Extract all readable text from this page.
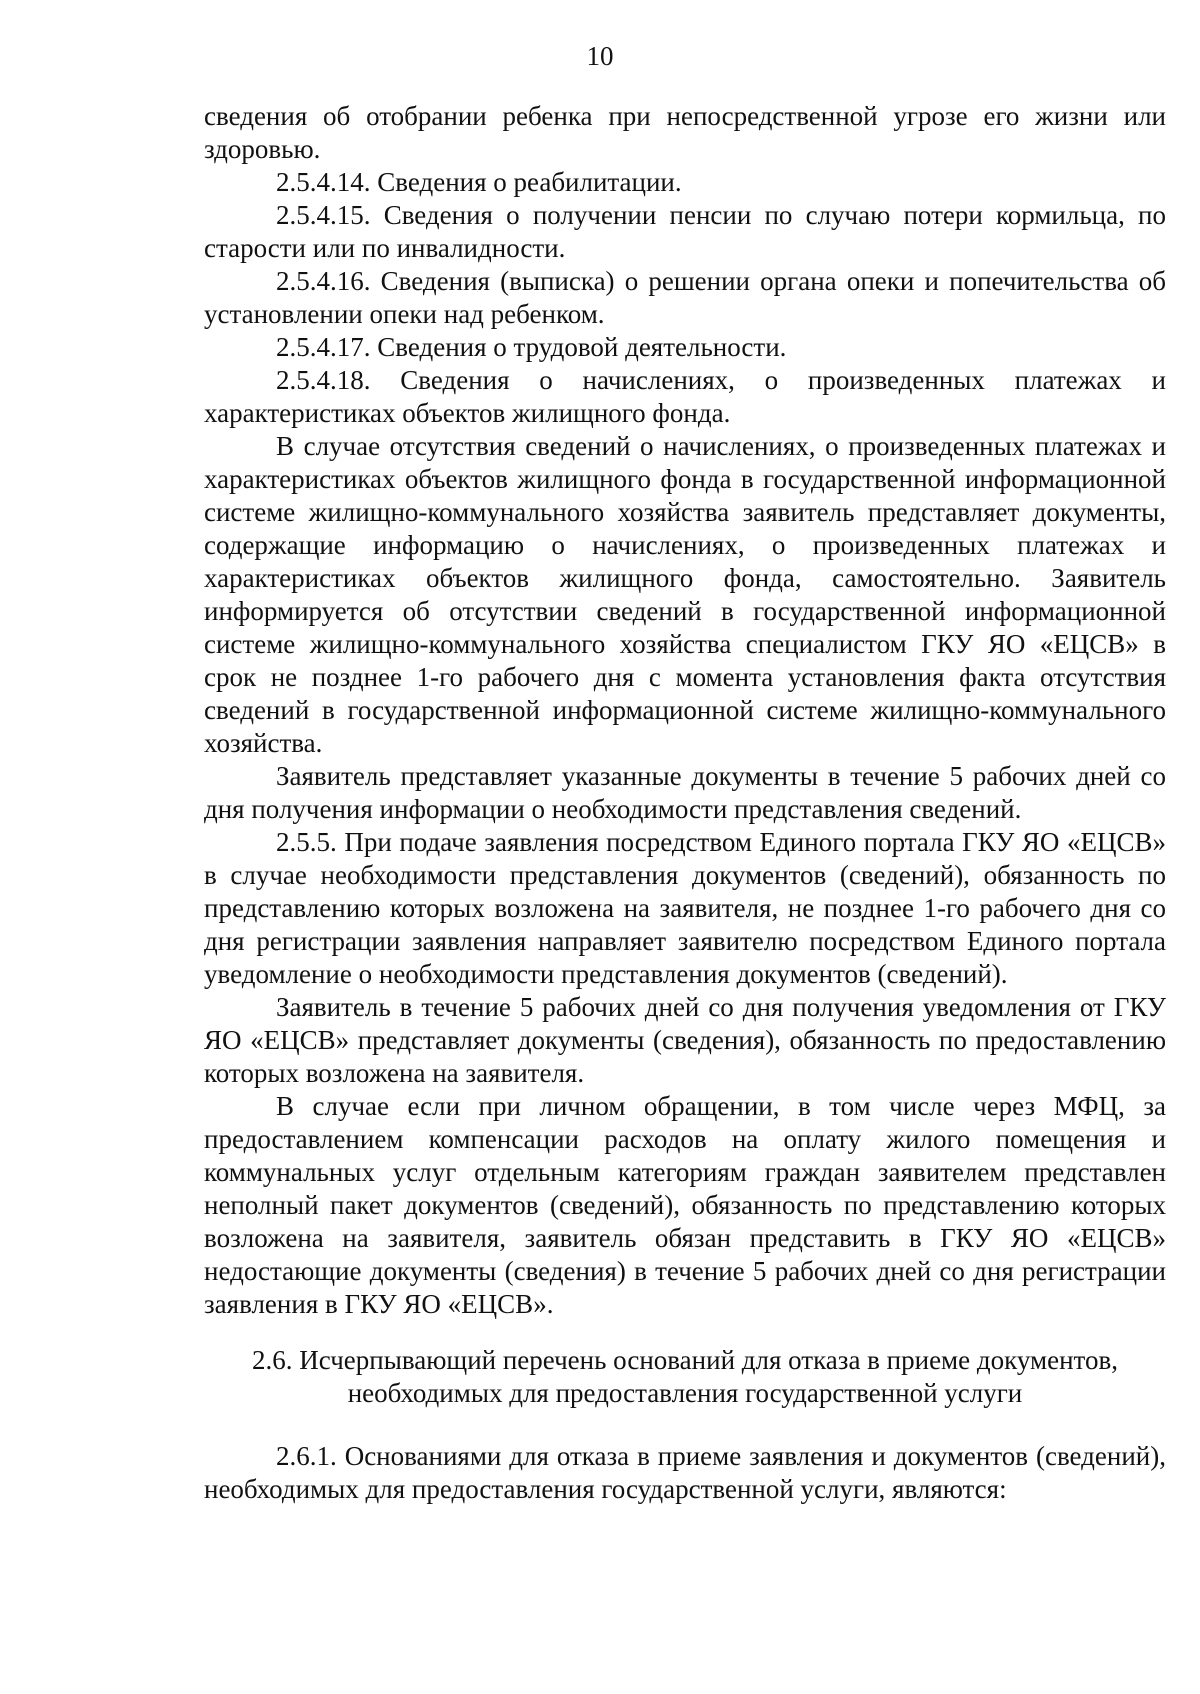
10

сведения об отобрании ребенка при непосредственной угрозе его жизни или здоровью.

2.5.4.14. Сведения о реабилитации.

2.5.4.15. Сведения о получении пенсии по случаю потери кормильца, по старости или по инвалидности.

2.5.4.16. Сведения (выписка) о решении органа опеки и попечительства об установлении опеки над ребенком.

2.5.4.17. Сведения о трудовой деятельности.

2.5.4.18. Сведения о начислениях, о произведенных платежах и характеристиках объектов жилищного фонда.

В случае отсутствия сведений о начислениях, о произведенных платежах и характеристиках объектов жилищного фонда в государственной информационной системе жилищно-коммунального хозяйства заявитель представляет документы, содержащие информацию о начислениях, о произведенных платежах и характеристиках объектов жилищного фонда, самостоятельно. Заявитель информируется об отсутствии сведений в государственной информационной системе жилищно-коммунального хозяйства специалистом ГКУ ЯО «ЕЦСВ» в срок не позднее 1-го рабочего дня с момента установления факта отсутствия сведений в государственной информационной системе жилищно-коммунального хозяйства.

Заявитель представляет указанные документы в течение 5 рабочих дней со дня получения информации о необходимости представления сведений.

2.5.5. При подаче заявления посредством Единого портала ГКУ ЯО «ЕЦСВ» в случае необходимости представления документов (сведений), обязанность по представлению которых возложена на заявителя, не позднее 1-го рабочего дня со дня регистрации заявления направляет заявителю посредством Единого портала уведомление о необходимости представления документов (сведений).

Заявитель в течение 5 рабочих дней со дня получения уведомления от ГКУ ЯО «ЕЦСВ» представляет документы (сведения), обязанность по предоставлению которых возложена на заявителя.

В случае если при личном обращении, в том числе через МФЦ, за предоставлением компенсации расходов на оплату жилого помещения и коммунальных услуг отдельным категориям граждан заявителем представлен неполный пакет документов (сведений), обязанность по представлению которых возложена на заявителя, заявитель обязан представить в ГКУ ЯО «ЕЦСВ» недостающие документы (сведения) в течение 5 рабочих дней со дня регистрации заявления в ГКУ ЯО «ЕЦСВ».

2.6. Исчерпывающий перечень оснований для отказа в приеме документов,
необходимых для предоставления государственной услуги

2.6.1. Основаниями для отказа в приеме заявления и документов (сведений), необходимых для предоставления государственной услуги, являются:
